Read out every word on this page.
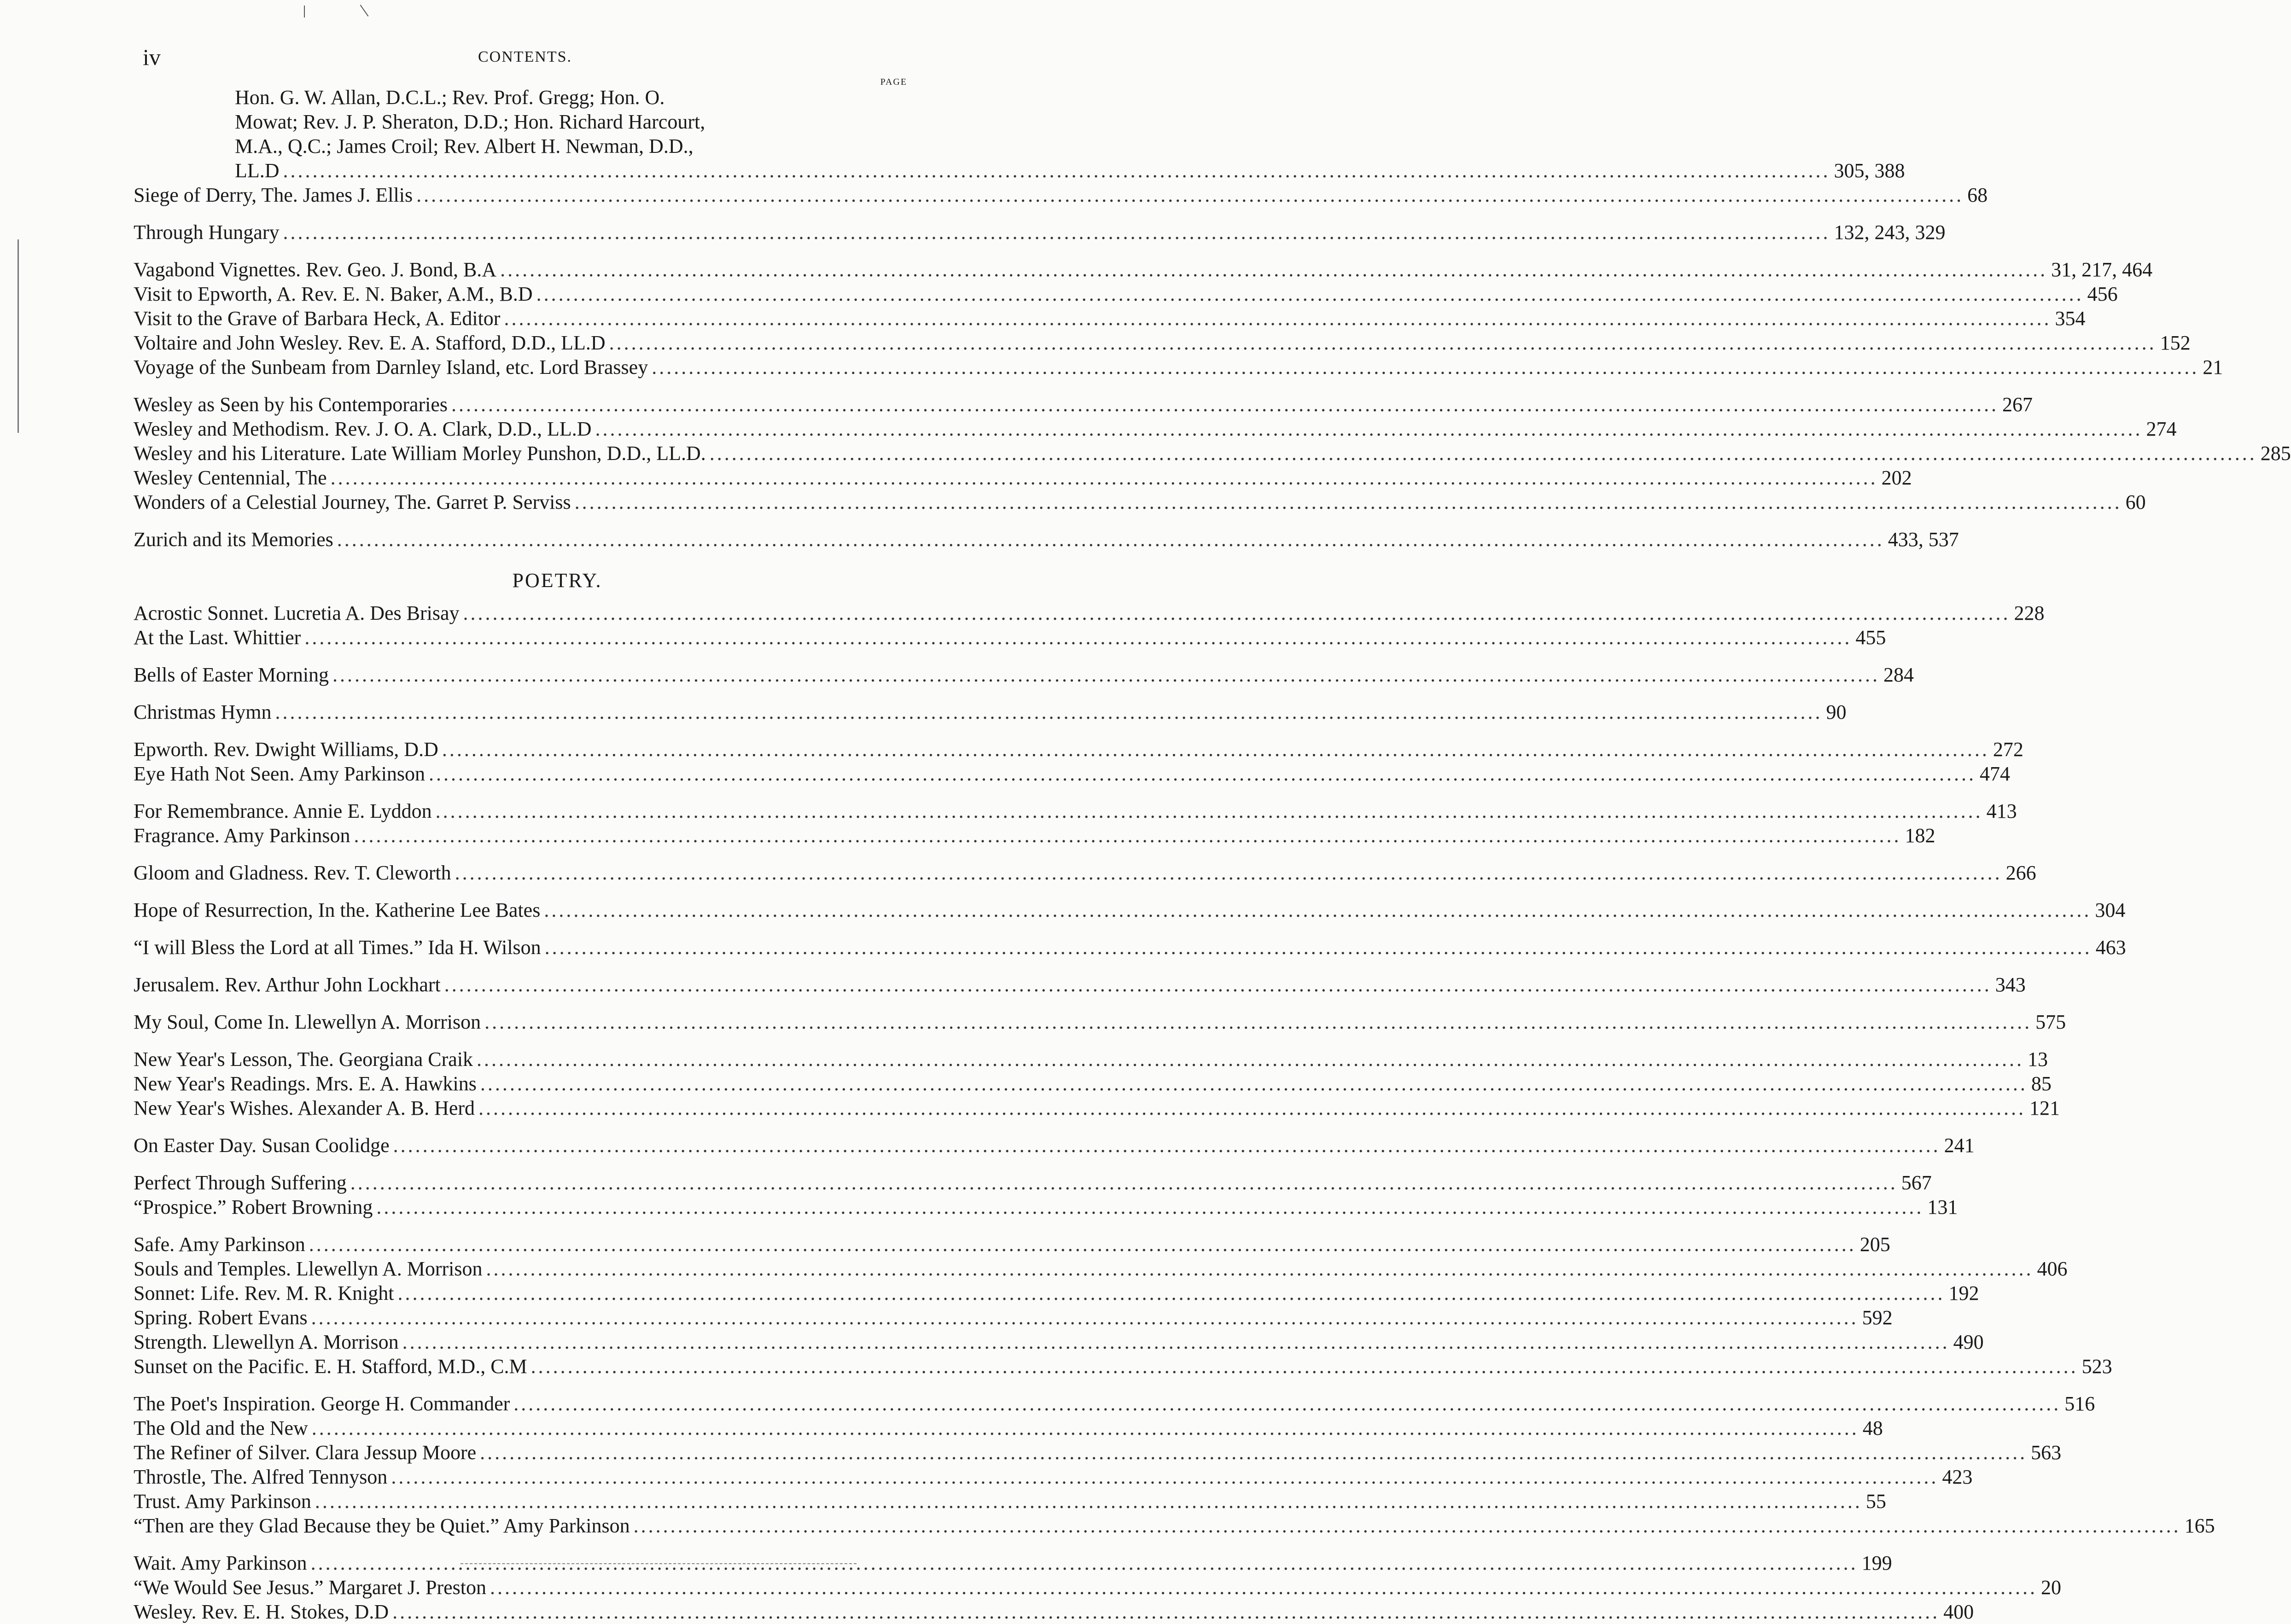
iv	CONTENTS.
PAGE
Hon. G. W. Allan, D.C.L.; Rev. Prof. Gregg; Hon. O.
Mowat; Rev. J. P. Sheraton, D.D.; Hon. Richard Harcourt,
M.A., Q.C.; James Croil; Rev. Albert H. Newman, D.D.,
LL.D .....	305, 388
Siege of Derry, The. James J. Ellis .....	68
Through Hungary .....	132, 243, 329
Vagabond Vignettes. Rev. Geo. J. Bond, B.A .....	31, 217, 464
Visit to Epworth, A. Rev. E. N. Baker, A.M., B.D .....	456
Visit to the Grave of Barbara Heck, A. Editor .....	354
Voltaire and John Wesley. Rev. E. A. Stafford, D.D., LL.D .....	152
Voyage of the Sunbeam from Darnley Island, etc. Lord Brassey .....	21
Wesley as Seen by his Contemporaries .....	267
Wesley and Methodism. Rev. J. O. A. Clark, D.D., LL.D .....	274
Wesley and his Literature. Late William Morley Punshon, D.D., LL.D. .....	285
Wesley Centennial, The .....	202
Wonders of a Celestial Journey, The. Garret P. Serviss .....	60
Zurich and its Memories .....	433, 537
POETRY.
Acrostic Sonnet. Lucretia A. Des Brisay .....	228
At the Last. Whittier .....	455
Bells of Easter Morning .....	284
Christmas Hymn .....	90
Epworth. Rev. Dwight Williams, D.D .....	272
Eye Hath Not Seen. Amy Parkinson .....	474
For Remembrance. Annie E. Lyddon .....	413
Fragrance. Amy Parkinson .....	182
Gloom and Gladness. Rev. T. Cleworth .....	266
Hope of Resurrection, In the. Katherine Lee Bates .....	304
“I will Bless the Lord at all Times.” Ida H. Wilson .....	463
Jerusalem. Rev. Arthur John Lockhart .....	343
My Soul, Come In. Llewellyn A. Morrison .....	575
New Year's Lesson, The. Georgiana Craik .....	13
New Year's Readings. Mrs. E. A. Hawkins .....	85
New Year's Wishes. Alexander A. B. Herd .....	121
On Easter Day. Susan Coolidge .....	241
Perfect Through Suffering .....	567
“Prospice.” Robert Browning .....	131
Safe. Amy Parkinson .....	205
Souls and Temples. Llewellyn A. Morrison .....	406
Sonnet: Life. Rev. M. R. Knight .....	192
Spring. Robert Evans .....	592
Strength. Llewellyn A. Morrison .....	490
Sunset on the Pacific. E. H. Stafford, M.D., C.M .....	523
The Poet's Inspiration. George H. Commander .....	516
The Old and the New .....	48
The Refiner of Silver. Clara Jessup Moore .....	563
Throstle, The. Alfred Tennyson .....	423
Trust. Amy Parkinson .....	55
“Then are they Glad Because they be Quiet.” Amy Parkinson .....	165
Wait. Amy Parkinson .....	199
“We Would See Jesus.” Margaret J. Preston .....	20
Wesley. Rev. E. H. Stokes, D.D .....	400
